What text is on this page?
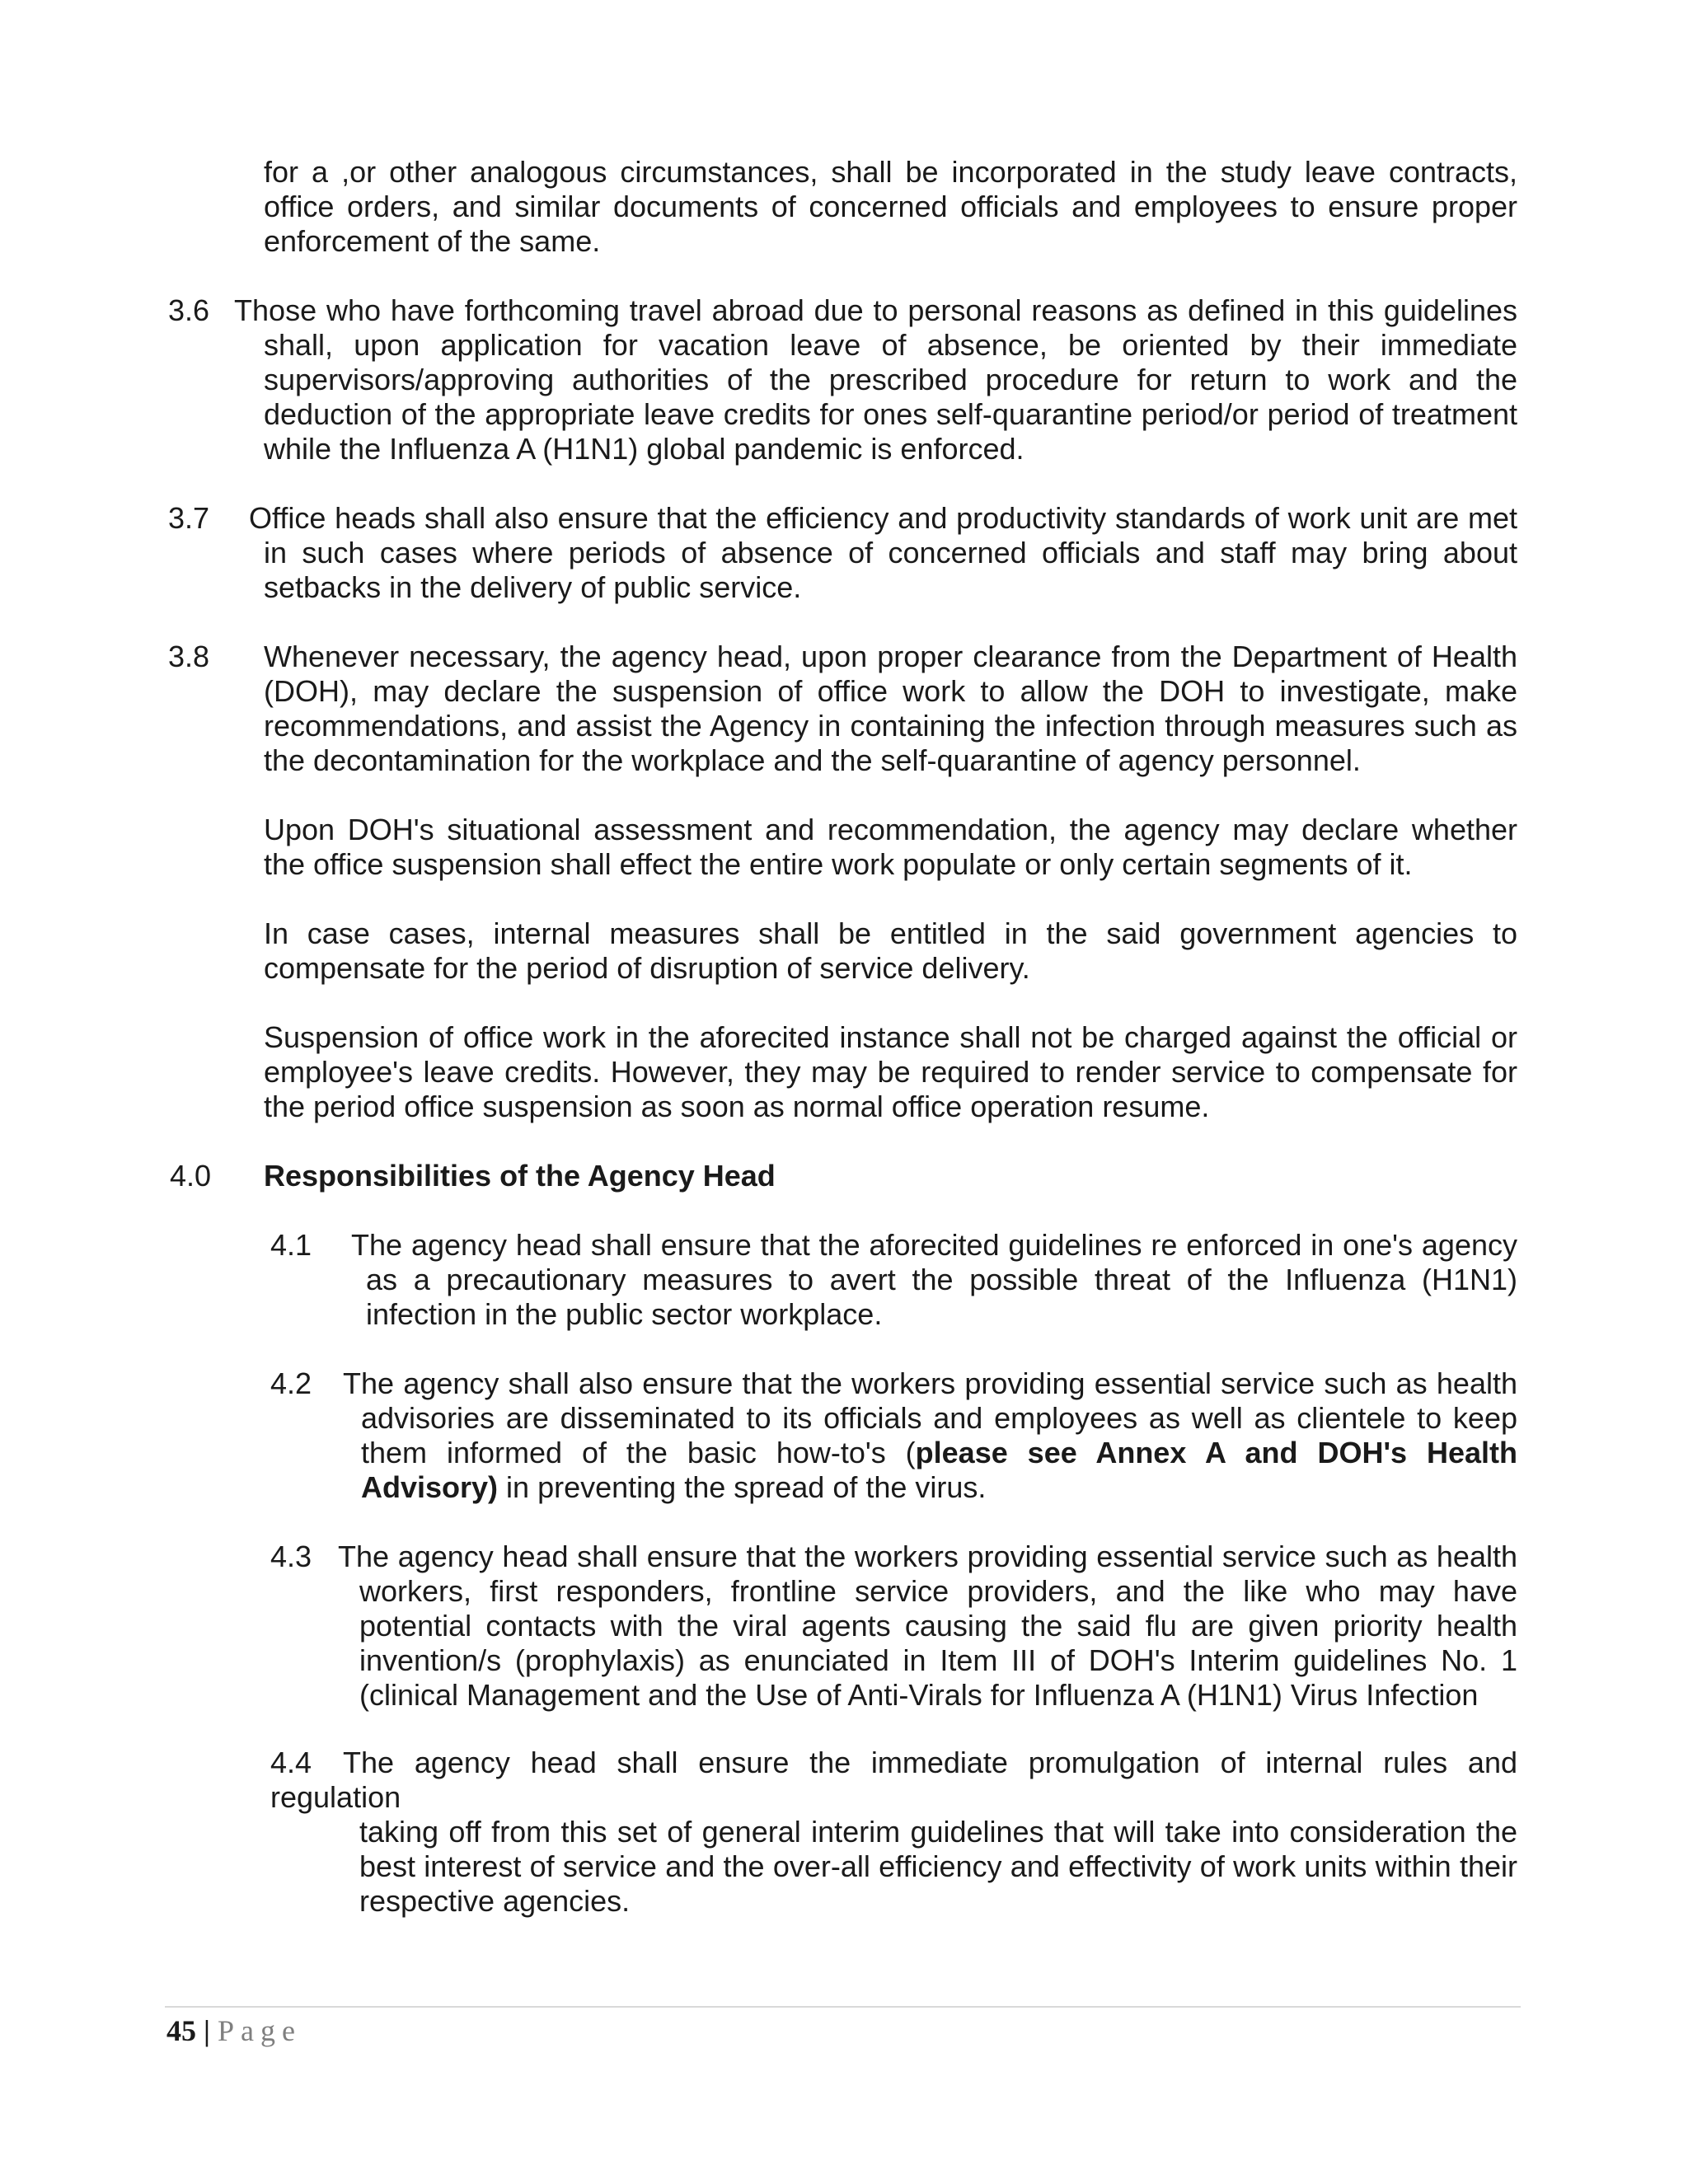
for a ,or other analogous circumstances, shall be incorporated in the study leave contracts, office orders, and similar documents of concerned officials and employees to ensure proper enforcement of the same.
3.6 Those who have forthcoming travel abroad due to personal reasons as defined in this guidelines
shall, upon application for vacation leave of absence, be oriented by their immediate supervisors/approving authorities of the prescribed procedure for return to work and the deduction of the appropriate leave credits for ones self-quarantine period/or period of treatment while the Influenza A (H1N1) global pandemic is enforced.
3.7 Office heads shall also ensure that the efficiency and productivity standards of work unit are met
in such cases where periods of absence of concerned officials and staff may bring about setbacks in the delivery of public service.
3.8 Whenever necessary, the agency head, upon proper clearance from the Department of Health (DOH), may declare the suspension of office work to allow the DOH to investigate, make recommendations, and assist the Agency in containing the infection through measures such as the decontamination for the workplace and the self-quarantine of agency personnel.
Upon DOH's situational assessment and recommendation, the agency may declare whether the office suspension shall effect the entire work populate or only certain segments of it.
In case cases, internal measures shall be entitled in the said government agencies to compensate for the period of disruption of service delivery.
Suspension of office work in the aforecited instance shall not be charged against the official or employee's leave credits. However, they may be required to render service to compensate for the period office suspension as soon as normal office operation resume.
4.0 Responsibilities of the Agency Head
4.1 The agency head shall ensure that the aforecited guidelines re enforced in one's agency
as a precautionary measures to avert the possible threat of the Influenza (H1N1) infection in the public sector workplace.
4.2 The agency shall also ensure that the workers providing essential service such as health
advisories are disseminated to its officials and employees as well as clientele to keep them informed of the basic how-to's (please see Annex A and DOH's Health Advisory) in preventing the spread of the virus.
4.3 The agency head shall ensure that the workers providing essential service such as health
workers, first responders, frontline service providers, and the like who may have potential contacts with the viral agents causing the said flu are given priority health invention/s (prophylaxis) as enunciated in Item III of DOH's Interim guidelines No. 1 (clinical Management and the Use of Anti-Virals for Influenza A (H1N1) Virus Infection
4.4 The agency head shall ensure the immediate promulgation of internal rules and regulation
taking off from this set of general interim guidelines that will take into consideration the best interest of service and the over-all efficiency and effectivity of work units within their respective agencies.
45 | Page
